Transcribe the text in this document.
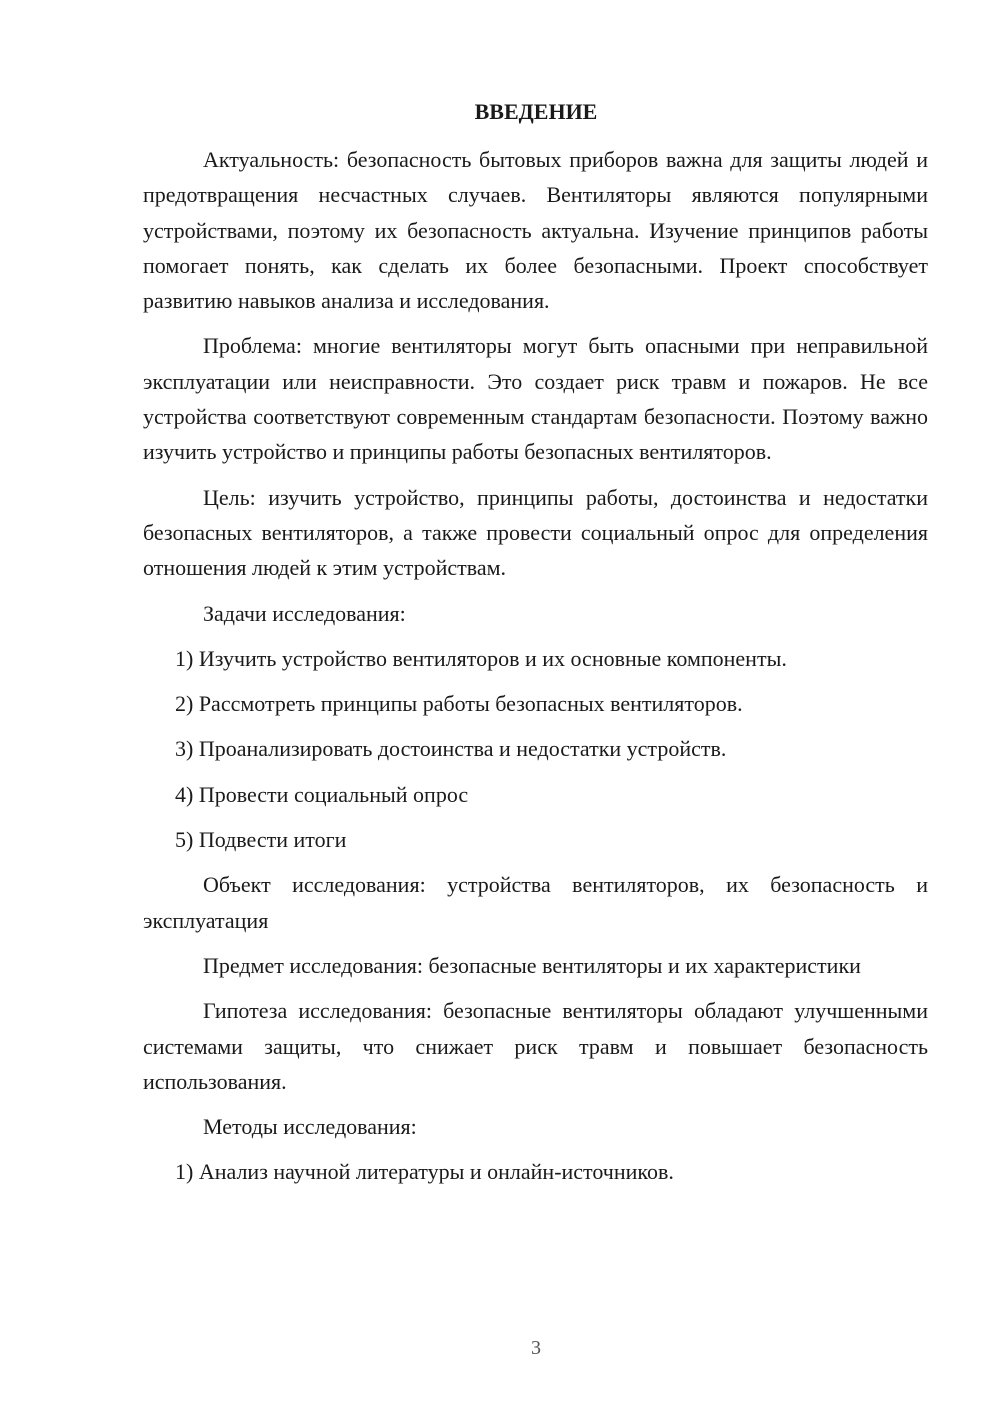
ВВЕДЕНИЕ

Актуальность: безопасность бытовых приборов важна для защиты людей и предотвращения несчастных случаев. Вентиляторы являются популярными устройствами, поэтому их безопасность актуальна. Изучение принципов работы помогает понять, как сделать их более безопасными. Проект способствует развитию навыков анализа и исследования.

Проблема: многие вентиляторы могут быть опасными при неправильной эксплуатации или неисправности. Это создает риск травм и пожаров. Не все устройства соответствуют современным стандартам безопасности. Поэтому важно изучить устройство и принципы работы безопасных вентиляторов.

Цель: изучить устройство, принципы работы, достоинства и недостатки безопасных вентиляторов, а также провести социальный опрос для определения отношения людей к этим устройствам.

Задачи исследования:

1) Изучить устройство вентиляторов и их основные компоненты.
2) Рассмотреть принципы работы безопасных вентиляторов.
3) Проанализировать достоинства и недостатки устройств.
4) Провести социальный опрос
5) Подвести итоги

Объект исследования: устройства вентиляторов, их безопасность и эксплуатация

Предмет исследования: безопасные вентиляторы и их характеристики

Гипотеза исследования: безопасные вентиляторы обладают улучшенными системами защиты, что снижает риск травм и повышает безопасность использования.

Методы исследования:

1) Анализ научной литературы и онлайн-источников.
3
